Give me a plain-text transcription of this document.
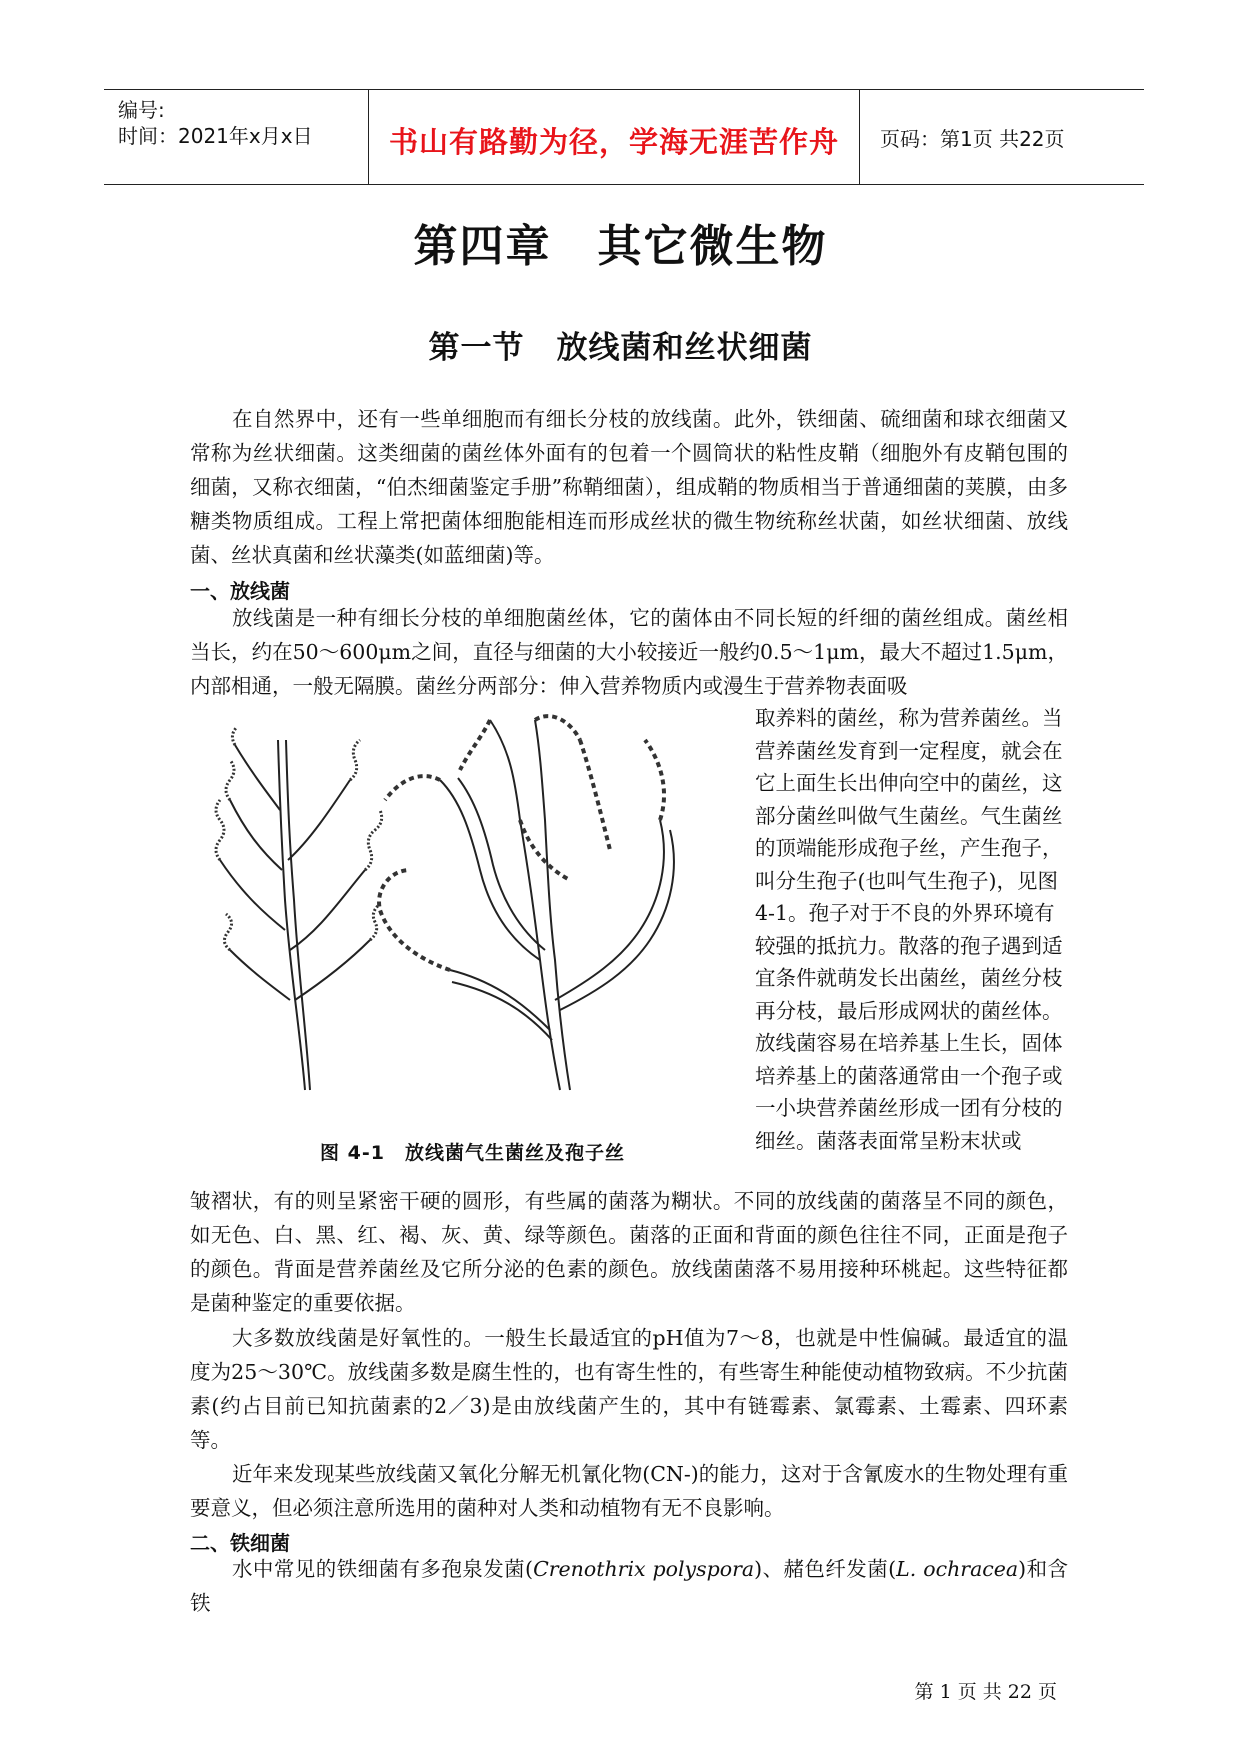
编号:
时间：2021年x月x日	书山有路勤为径，学海无涯苦作舟	页码：第1页 共22页
第四章　其它微生物
第一节　放线菌和丝状细菌

在自然界中，还有一些单细胞而有细长分枝的放线菌。此外，铁细菌、硫细菌和球衣细菌又常称为丝状细菌。这类细菌的菌丝体外面有的包着一个圆筒状的粘性皮鞘（细胞外有皮鞘包围的细菌，又称衣细菌，“伯杰细菌鉴定手册”称鞘细菌），组成鞘的物质相当于普通细菌的荚膜，由多糖类物质组成。工程上常把菌体细胞能相连而形成丝状的微生物统称丝状菌，如丝状细菌、放线菌、丝状真菌和丝状藻类(如蓝细菌)等。

一、放线菌

放线菌是一种有细长分枝的单细胞菌丝体，它的菌体由不同长短的纤细的菌丝组成。菌丝相当长，约在50～600μm之间，直径与细菌的大小较接近一般约0.5～1μm，最大不超过1.5μm，内部相通，一般无隔膜。菌丝分两部分：伸入营养物质内或漫生于营养物表面吸

图 4-1　放线菌气生菌丝及孢子丝

取养料的菌丝，称为营养菌丝。当营养菌丝发育到一定程度，就会在它上面生长出伸向空中的菌丝，这部分菌丝叫做气生菌丝。气生菌丝的顶端能形成孢子丝，产生孢子，叫分生孢子(也叫气生孢子)，见图4-1。孢子对于不良的外界环境有较强的抵抗力。散落的孢子遇到适宜条件就萌发长出菌丝，菌丝分枝再分枝，最后形成网状的菌丝体。放线菌容易在培养基上生长，固体培养基上的菌落通常由一个孢子或一小块营养菌丝形成一团有分枝的细丝。菌落表面常呈粉末状或

皱褶状，有的则呈紧密干硬的圆形，有些属的菌落为糊状。不同的放线菌的菌落呈不同的颜色，如无色、白、黑、红、褐、灰、黄、绿等颜色。菌落的正面和背面的颜色往往不同，正面是孢子的颜色。背面是营养菌丝及它所分泌的色素的颜色。放线菌菌落不易用接种环桃起。这些特征都是菌种鉴定的重要依据。

大多数放线菌是好氧性的。一般生长最适宜的pH值为7～8，也就是中性偏碱。最适宜的温度为25～30℃。放线菌多数是腐生性的，也有寄生性的，有些寄生种能使动植物致病。不少抗菌素(约占目前已知抗菌素的2／3)是由放线菌产生的，其中有链霉素、氯霉素、土霉素、四环素等。

近年来发现某些放线菌又氧化分解无机氰化物(CN-)的能力，这对于含氰废水的生物处理有重要意义，但必须注意所选用的菌种对人类和动植物有无不良影响。

二、铁细菌

水中常见的铁细菌有多孢泉发菌(Crenothrix polyspora)、赭色纤发菌(L. ochracea)和含铁

第 1 页 共 22 页
